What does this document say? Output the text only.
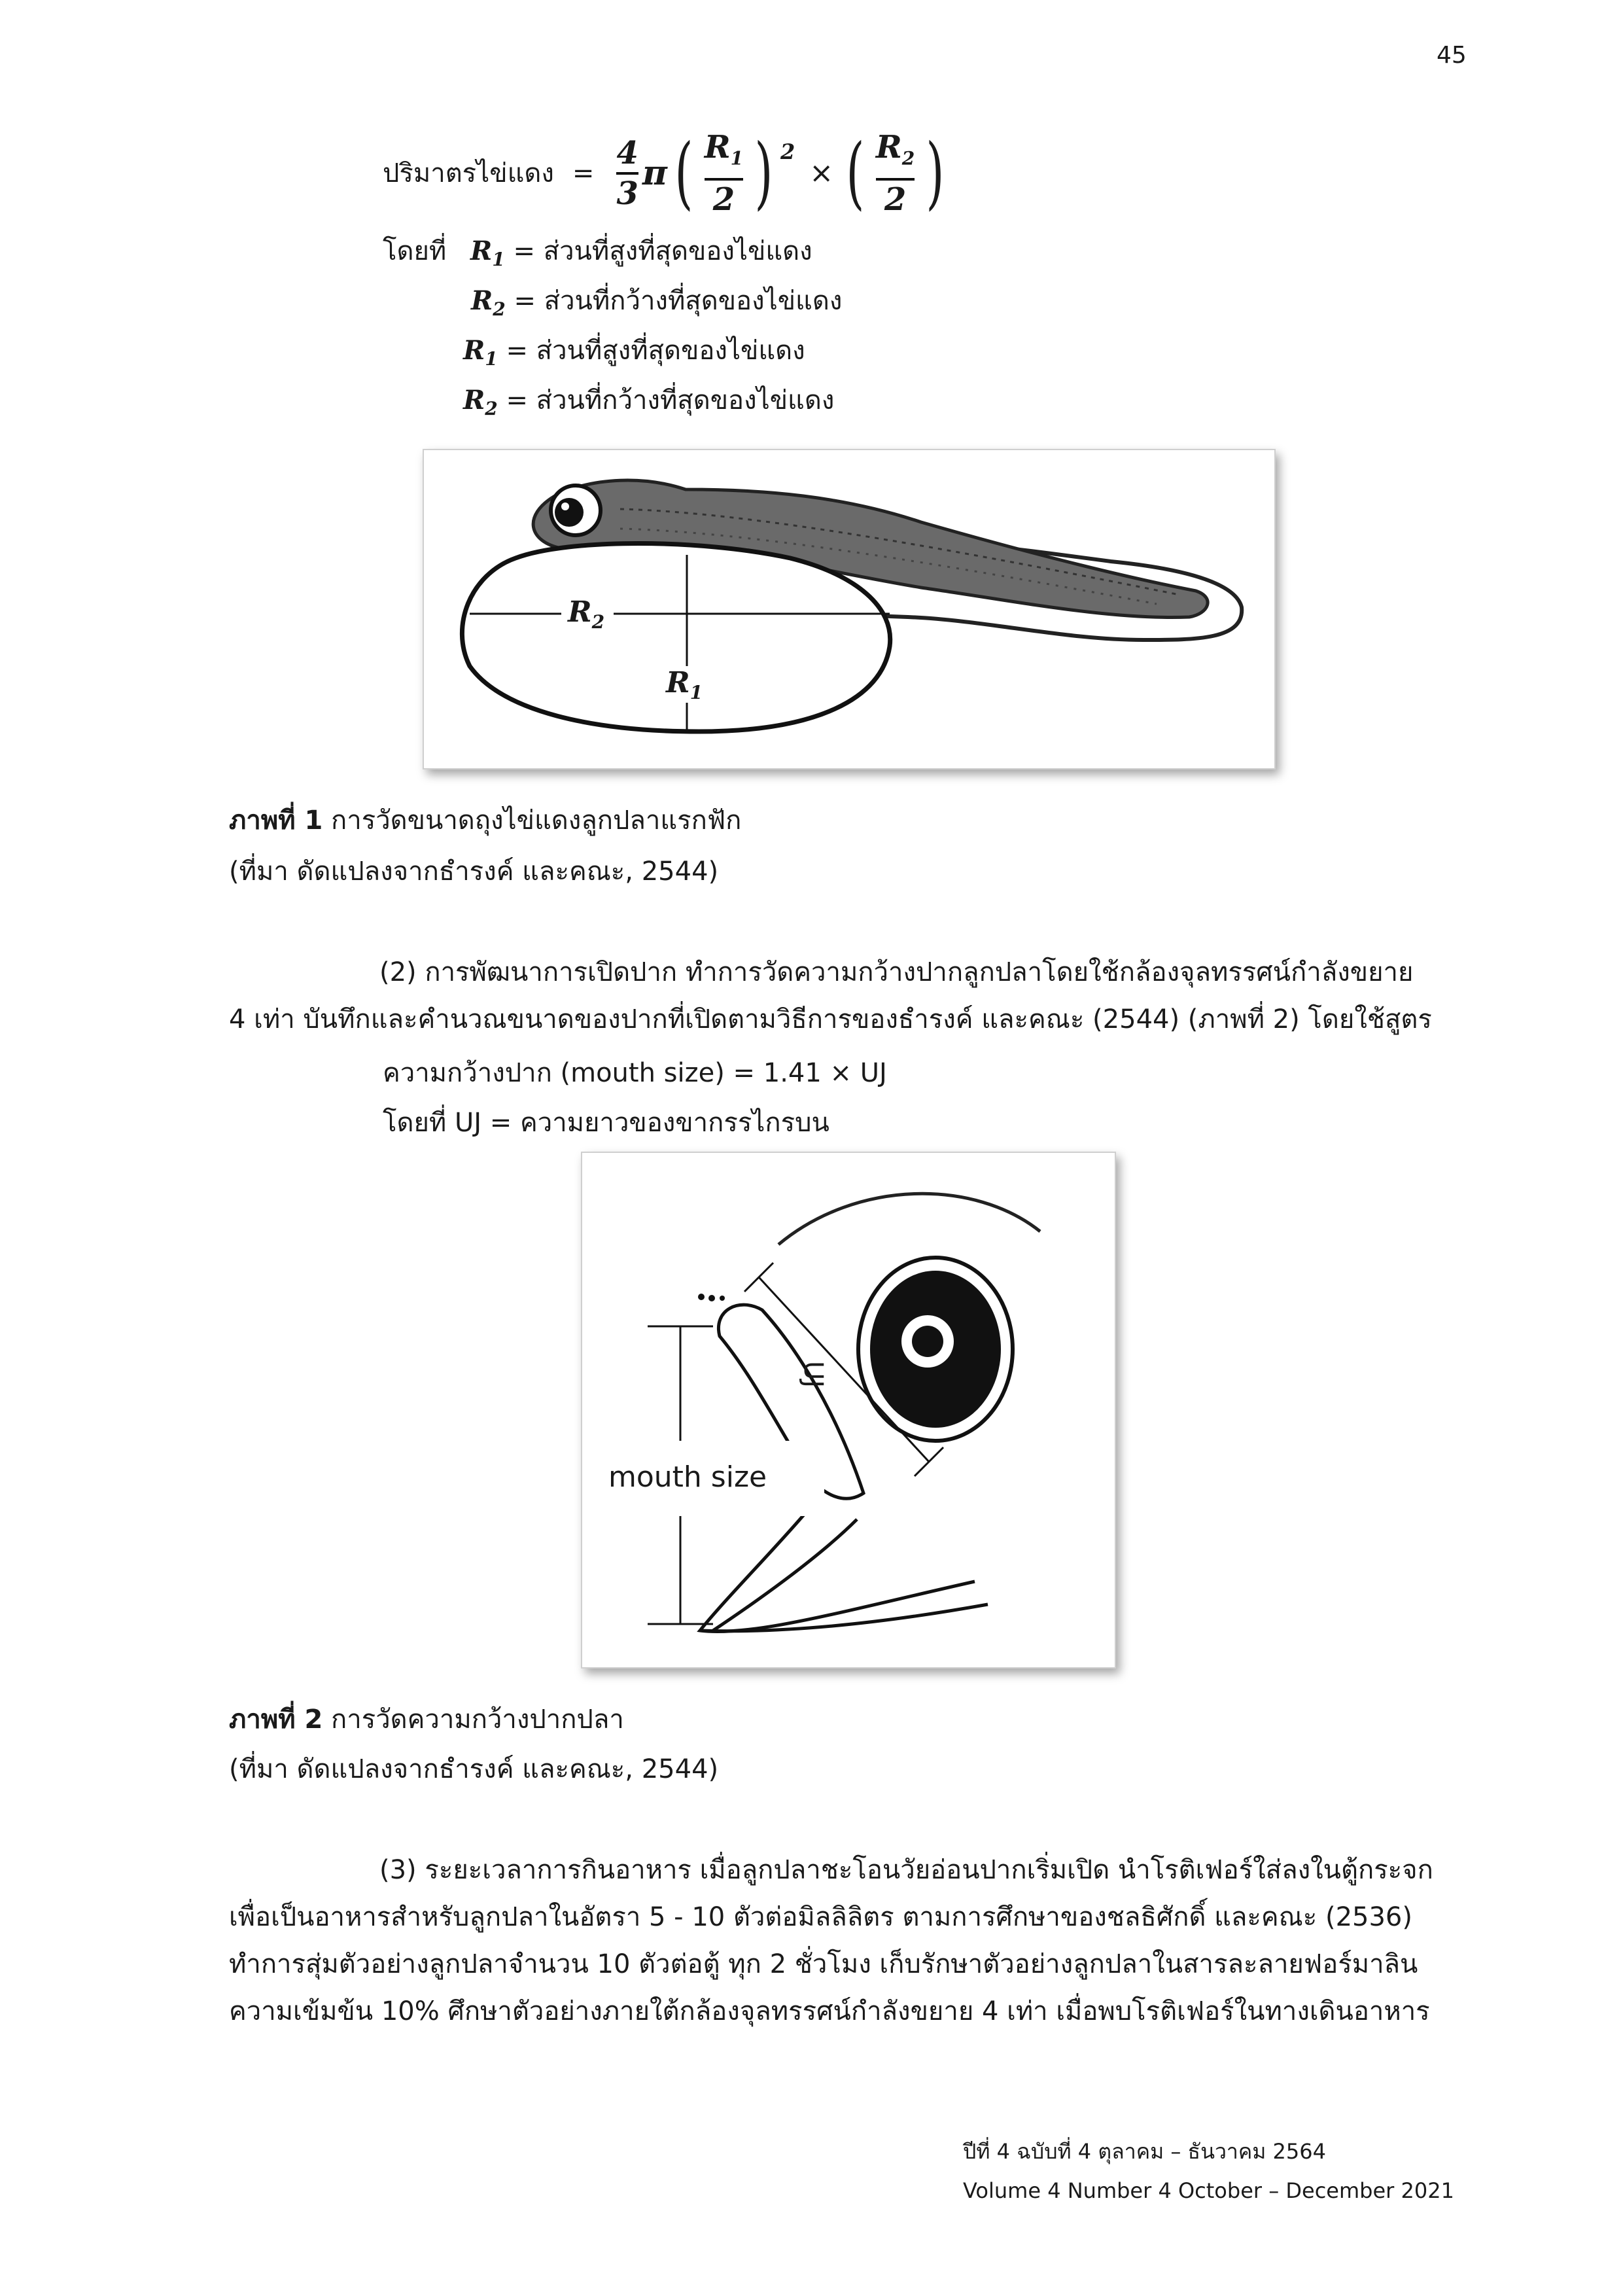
45
ปริมาตรไข่แดง = $\frac{4}{3}$ π ( $\frac{R_1}{2}$ ) 2
× ( $\frac{R_2}{2}$ )
โดยที่ $R_1$ = ส่วนที่สูงที่สุดของไข่แดง
$R_2$ = ส่วนที่กว้างที่สุดของไข่แดง
$R_1$ = ส่วนที่สูงที่สุดของไข่แดง
$R_2$ = ส่วนที่กว้างที่สุดของไข่แดง
$R_2$
$R_1$
ภาพที่ 1 การวัดขนาดถุงไข่แดงลูกปลาแรกฟัก
(ที่มา ดัดแปลงจากธำรงค์ และคณะ, 2544)
(2) การพัฒนาการเปิดปาก ทำการวัดความกว้างปากลูกปลาโดยใช้กล้องจุลทรรศน์กำลังขยาย
4 เท่า บันทึกและคำนวณขนาดของปากที่เปิดตามวิธีการของธำรงค์ และคณะ (2544) (ภาพที่ 2) โดยใช้สูตร
ความกว้างปาก (mouth size) = 1.41 × UJ
โดยที่ UJ = ความยาวของขากรรไกรบน
UJ
mouth size
ภาพที่ 2 การวัดความกว้างปากปลา
(ที่มา ดัดแปลงจากธำรงค์ และคณะ, 2544)
(3) ระยะเวลาการกินอาหาร เมื่อลูกปลาชะโอนวัยอ่อนปากเริ่มเปิด นำโรติเฟอร์ใส่ลงในตู้กระจก
เพื่อเป็นอาหารสำหรับลูกปลาในอัตรา 5 - 10 ตัวต่อมิลลิลิตร ตามการศึกษาของชลธิศักดิ์ และคณะ (2536)
ทำการสุ่มตัวอย่างลูกปลาจำนวน 10 ตัวต่อตู้ ทุก 2 ชั่วโมง เก็บรักษาตัวอย่างลูกปลาในสารละลายฟอร์มาลิน
ความเข้มข้น 10% ศึกษาตัวอย่างภายใต้กล้องจุลทรรศน์กำลังขยาย 4 เท่า เมื่อพบโรติเฟอร์ในทางเดินอาหาร
ปีที่ 4 ฉบับที่ 4 ตุลาคม – ธันวาคม 2564
Volume 4 Number 4 October – December 2021
